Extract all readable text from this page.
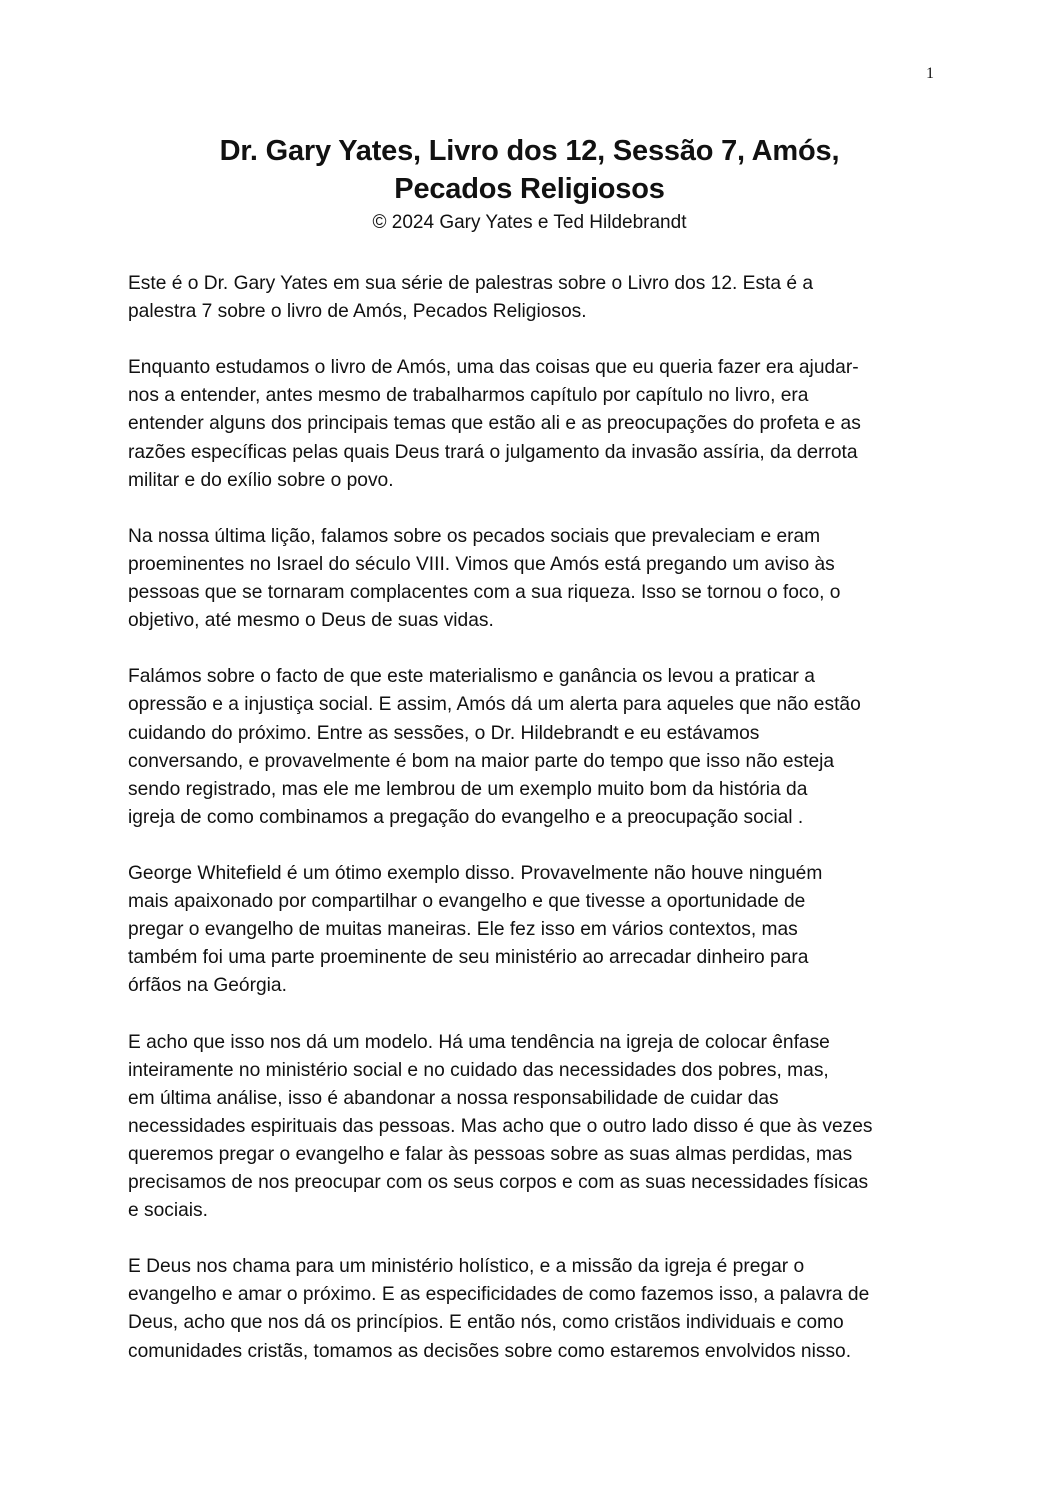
1
Dr. Gary Yates, Livro dos 12, Sessão 7, Amós,
Pecados Religiosos
© 2024 Gary Yates e Ted Hildebrandt

Este é o Dr. Gary Yates em sua série de palestras sobre o Livro dos 12. Esta é a
palestra 7 sobre o livro de Amós, Pecados Religiosos.

Enquanto estudamos o livro de Amós, uma das coisas que eu queria fazer era ajudar-
nos a entender, antes mesmo de trabalharmos capítulo por capítulo no livro, era
entender alguns dos principais temas que estão ali e as preocupações do profeta e as
razões específicas pelas quais Deus trará o julgamento da invasão assíria, da derrota
militar e do exílio sobre o povo.

Na nossa última lição, falamos sobre os pecados sociais que prevaleciam e eram
proeminentes no Israel do século VIII. Vimos que Amós está pregando um aviso às
pessoas que se tornaram complacentes com a sua riqueza. Isso se tornou o foco, o
objetivo, até mesmo o Deus de suas vidas.

Falámos sobre o facto de que este materialismo e ganância os levou a praticar a
opressão e a injustiça social. E assim, Amós dá um alerta para aqueles que não estão
cuidando do próximo. Entre as sessões, o Dr. Hildebrandt e eu estávamos
conversando, e provavelmente é bom na maior parte do tempo que isso não esteja
sendo registrado, mas ele me lembrou de um exemplo muito bom da história da
igreja de como combinamos a pregação do evangelho e a preocupação social .

George Whitefield é um ótimo exemplo disso. Provavelmente não houve ninguém
mais apaixonado por compartilhar o evangelho e que tivesse a oportunidade de
pregar o evangelho de muitas maneiras. Ele fez isso em vários contextos, mas
também foi uma parte proeminente de seu ministério ao arrecadar dinheiro para
órfãos na Geórgia.

E acho que isso nos dá um modelo. Há uma tendência na igreja de colocar ênfase
inteiramente no ministério social e no cuidado das necessidades dos pobres, mas,
em última análise, isso é abandonar a nossa responsabilidade de cuidar das
necessidades espirituais das pessoas. Mas acho que o outro lado disso é que às vezes
queremos pregar o evangelho e falar às pessoas sobre as suas almas perdidas, mas
precisamos de nos preocupar com os seus corpos e com as suas necessidades físicas
e sociais.

E Deus nos chama para um ministério holístico, e a missão da igreja é pregar o
evangelho e amar o próximo. E as especificidades de como fazemos isso, a palavra de
Deus, acho que nos dá os princípios. E então nós, como cristãos individuais e como
comunidades cristãs, tomamos as decisões sobre como estaremos envolvidos nisso.
